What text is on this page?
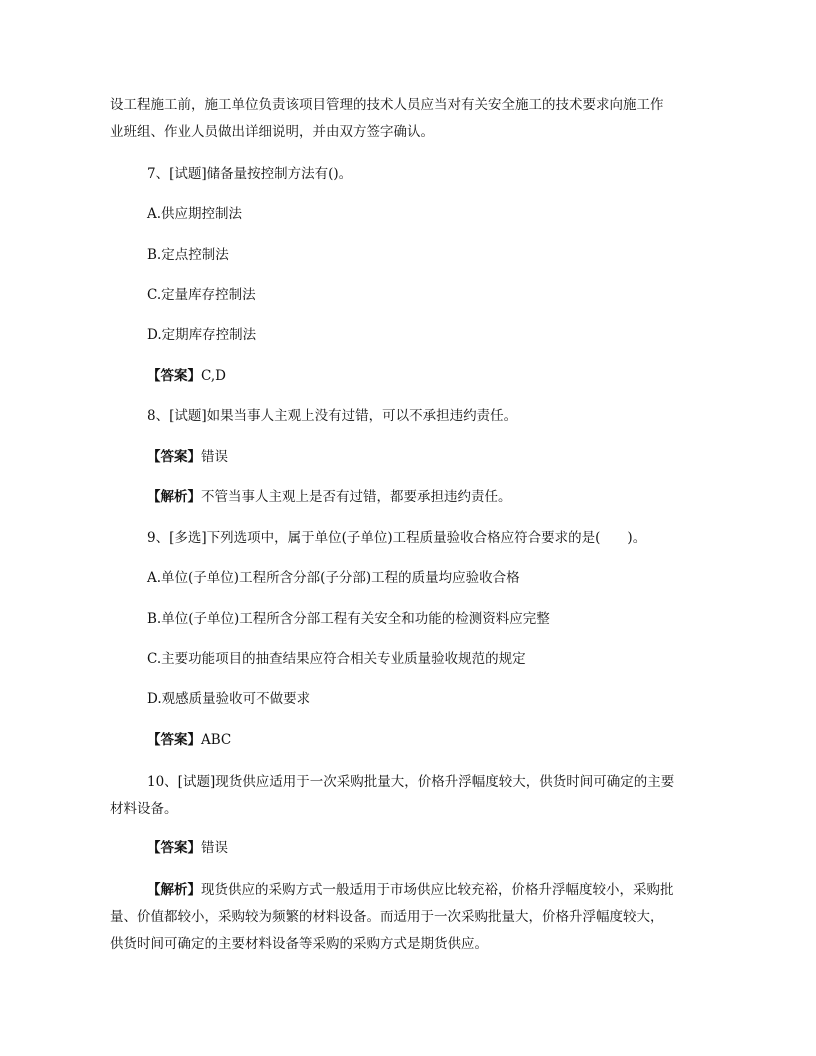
设工程施工前，施工单位负责该项目管理的技术人员应当对有关安全施工的技术要求向施工作
业班组、作业人员做出详细说明，并由双方签字确认。
7、[试题]储备量按控制方法有()。
A.供应期控制法
B.定点控制法
C.定量库存控制法
D.定期库存控制法
【答案】C,D
8、[试题]如果当事人主观上没有过错，可以不承担违约责任。
【答案】错误
【解析】不管当事人主观上是否有过错，都要承担违约责任。
9、[多选]下列选项中，属于单位(子单位)工程质量验收合格应符合要求的是(　　)。
A.单位(子单位)工程所含分部(子分部)工程的质量均应验收合格
B.单位(子单位)工程所含分部工程有关安全和功能的检测资料应完整
C.主要功能项目的抽查结果应符合相关专业质量验收规范的规定
D.观感质量验收可不做要求
【答案】ABC
10、[试题]现货供应适用于一次采购批量大，价格升浮幅度较大，供货时间可确定的主要
材料设备。
【答案】错误
【解析】现货供应的采购方式一般适用于市场供应比较充裕，价格升浮幅度较小，采购批
量、价值都较小，采购较为频繁的材料设备。而适用于一次采购批量大，价格升浮幅度较大，
供货时间可确定的主要材料设备等采购的采购方式是期货供应。
